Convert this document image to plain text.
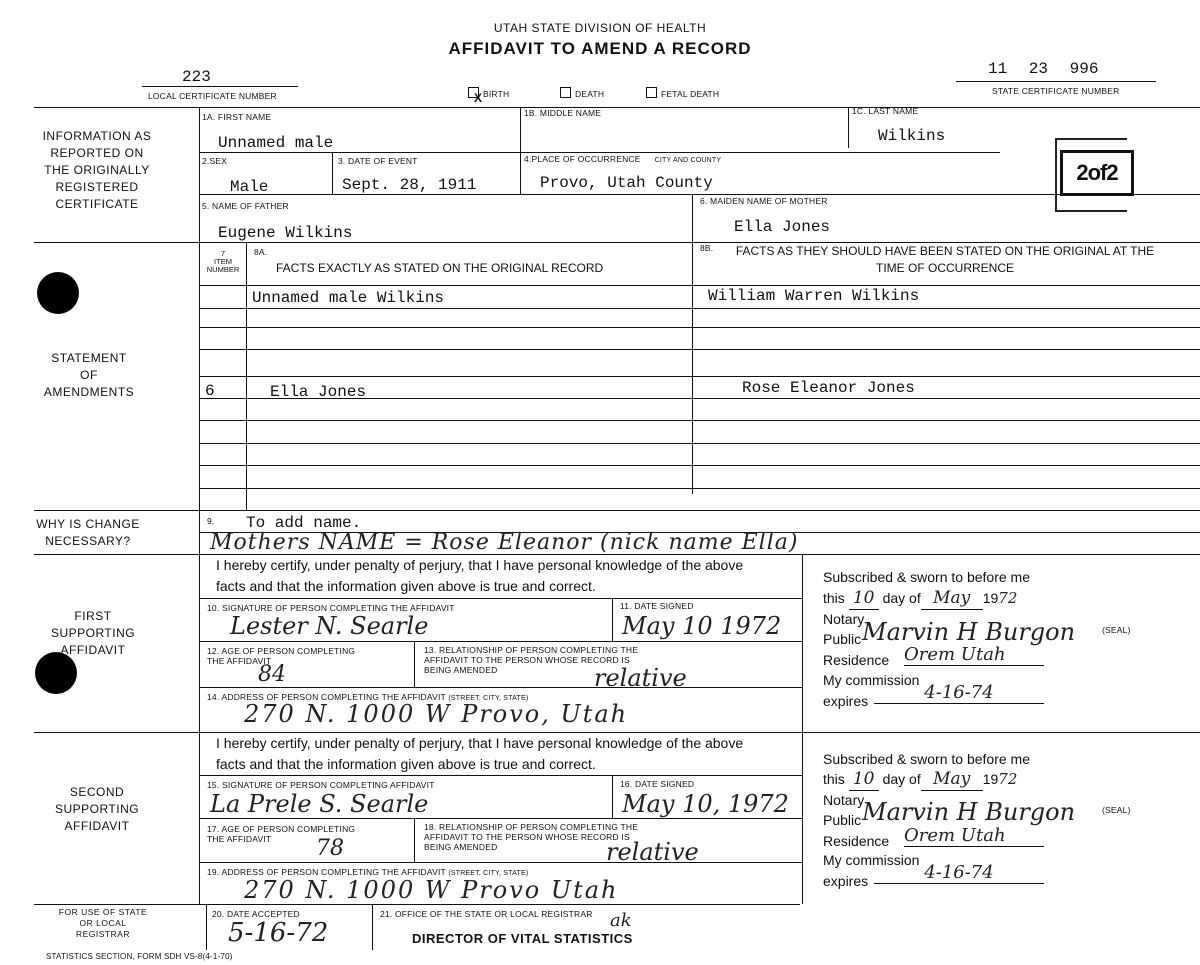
UTAH STATE DIVISION OF HEALTH
AFFIDAVIT TO AMEND A RECORD
223
LOCAL CERTIFICATE NUMBER
11 23 996
STATE CERTIFICATE NUMBER
X BIRTH	DEATH	FETAL DEATH
INFORMATION AS REPORTED ON THE ORIGINALLY REGISTERED CERTIFICATE
STATEMENT OF AMENDMENTS
WHY IS CHANGE NECESSARY?
FIRST SUPPORTING AFFIDAVIT
SECOND SUPPORTING AFFIDAVIT
FOR USE OF STATE OR LOCAL REGISTRAR
1A. FIRST NAME
Unnamed male
1B. MIDDLE NAME	1C. LAST NAME
Wilkins
2.SEX
Male
3. DATE OF EVENT
Sept. 28, 1911
4.PLACE OF OCCURRENCE CITY AND COUNTY
Provo, Utah County	2of2
5. NAME OF FATHER
Eugene Wilkins
6. MAIDEN NAME OF MOTHER
Ella Jones
7
ITEM NUMBER
8A.
FACTS EXACTLY AS STATED ON THE ORIGINAL RECORD
8B.	FACTS AS THEY SHOULD HAVE BEEN STATED ON THE ORIGINAL AT THE TIME OF OCCURRENCE
Unnamed male Wilkins	William Warren Wilkins
6	Ella Jones	Rose Eleanor Jones
9. To add name.
Mothers NAME = Rose Eleanor (nick name Ella)
I hereby certify, under penalty of perjury, that I have personal knowledge of the above facts and that the information given above is true and correct.
10. SIGNATURE OF PERSON COMPLETING THE AFFIDAVIT
Lester N. Searle
11. DATE SIGNED
May 10 1972
12. AGE OF PERSON COMPLETING THE AFFIDAVIT
84
13. RELATIONSHIP OF PERSON COMPLETING THE AFFIDAVIT TO THE PERSON WHOSE RECORD IS BEING AMENDED	relative
14. ADDRESS OF PERSON COMPLETING THE AFFIDAVIT (STREET, CITY, STATE)
270 N. 1000 W Provo, Utah
Subscribed & sworn to before me
this 10 day of May 1972
Notary
Public Marvin H Burgon	(SEAL)
Residence Orem Utah
My commission
expires	4-16-74
I hereby certify, under penalty of perjury, that I have personal knowledge of the above facts and that the information given above is true and correct.
15. SIGNATURE OF PERSON COMPLETING AFFIDAVIT
La Prele S. Searle
16. DATE SIGNED
May 10, 1972
17. AGE OF PERSON COMPLETING THE AFFIDAVIT	78
18. RELATIONSHIP OF PERSON COMPLETING THE AFFIDAVIT TO THE PERSON WHOSE RECORD IS BEING AMENDED	relative
19. ADDRESS OF PERSON COMPLETING THE AFFIDAVIT (STREET, CITY, STATE)
270 N. 1000 W Provo Utah
Subscribed & sworn to before me
this 10 day of May 1972
Notary
Public Marvin H Burgon	(SEAL)
Residence Orem Utah
My commission
expires	4-16-74
20. DATE ACCEPTED
5-16-72
21. OFFICE OF THE STATE OR LOCAL REGISTRAR ak
DIRECTOR OF VITAL STATISTICS
STATISTICS SECTION, FORM SDH VS-8(4-1-70)
